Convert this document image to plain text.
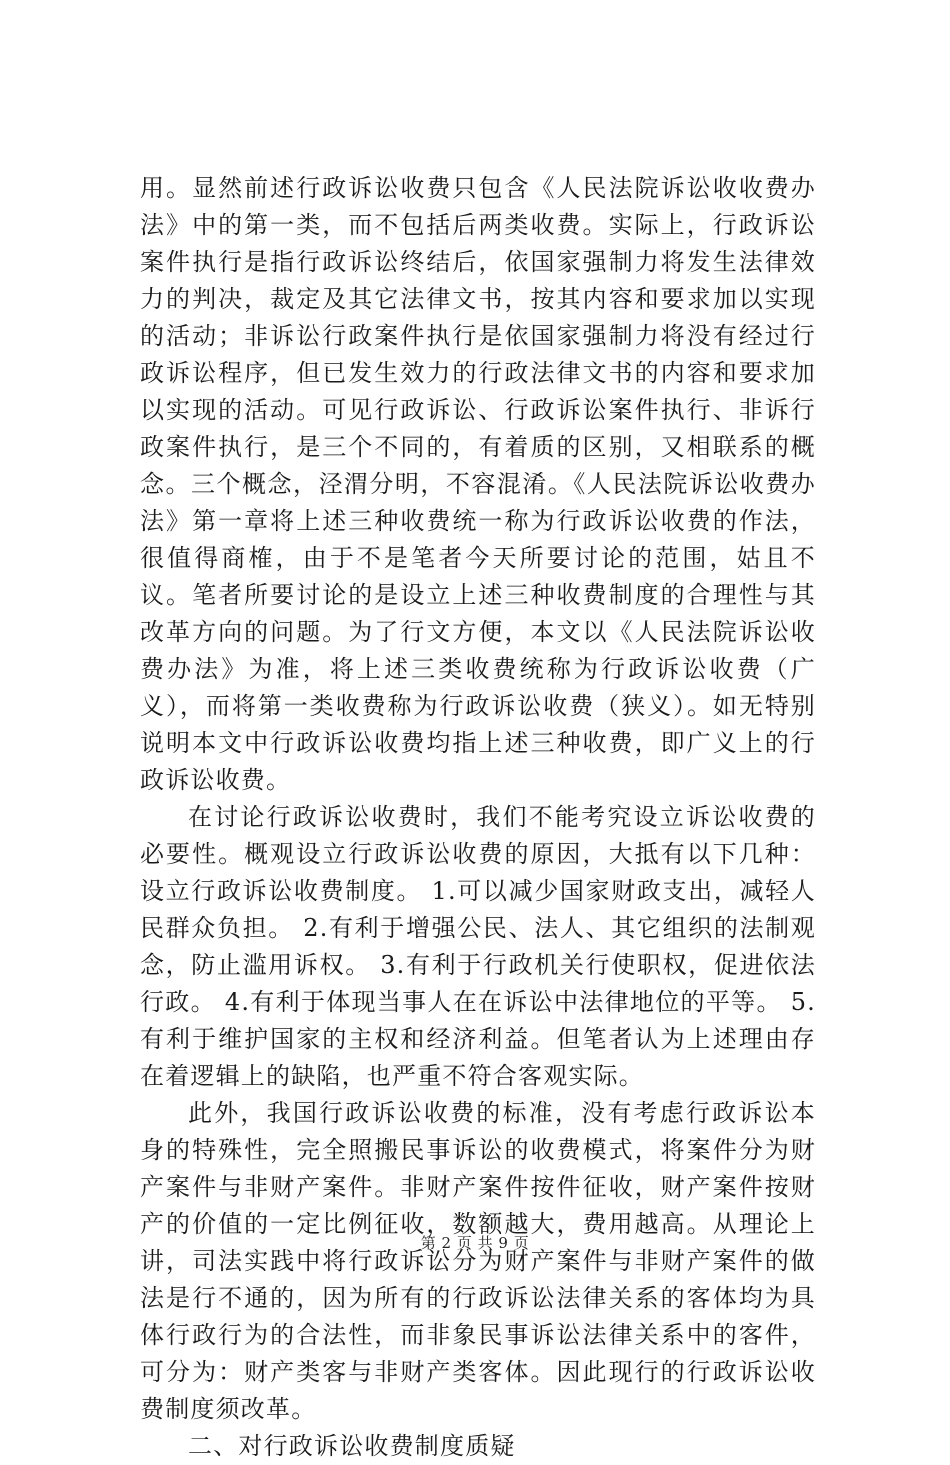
用。显然前述行政诉讼收费只包含《人民法院诉讼收收费办法》中的第一类，而不包括后两类收费。实际上，行政诉讼案件执行是指行政诉讼终结后，依国家强制力将发生法律效力的判决，裁定及其它法律文书，按其内容和要求加以实现的活动；非诉讼行政案件执行是依国家强制力将没有经过行政诉讼程序，但已发生效力的行政法律文书的内容和要求加以实现的活动。可见行政诉讼、行政诉讼案件执行、非诉行政案件执行，是三个不同的，有着质的区别，又相联系的概念。三个概念，泾渭分明，不容混淆。《人民法院诉讼收费办法》第一章将上述三种收费统一称为行政诉讼收费的作法，很值得商榷，由于不是笔者今天所要讨论的范围，姑且不议。笔者所要讨论的是设立上述三种收费制度的合理性与其改革方向的问题。为了行文方便，本文以《人民法院诉讼收费办法》为准，将上述三类收费统称为行政诉讼收费（广义），而将第一类收费称为行政诉讼收费（狭义）。如无特别说明本文中行政诉讼收费均指上述三种收费，即广义上的行政诉讼收费。

在讨论行政诉讼收费时，我们不能考究设立诉讼收费的必要性。概观设立行政诉讼收费的原因，大抵有以下几种：设立行政诉讼收费制度。 1.可以减少国家财政支出，减轻人民群众负担。 2.有利于增强公民、法人、其它组织的法制观念，防止滥用诉权。 3.有利于行政机关行使职权，促进依法行政。 4.有利于体现当事人在在诉讼中法律地位的平等。 5.有利于维护国家的主权和经济利益。但笔者认为上述理由存在着逻辑上的缺陷，也严重不符合客观实际。

此外，我国行政诉讼收费的标准，没有考虑行政诉讼本身的特殊性，完全照搬民事诉讼的收费模式，将案件分为财产案件与非财产案件。非财产案件按件征收，财产案件按财产的价值的一定比例征收，数额越大，费用越高。从理论上讲，司法实践中将行政诉讼分为财产案件与非财产案件的做法是行不通的，因为所有的行政诉讼法律关系的客体均为具体行政行为的合法性，而非象民事诉讼法律关系中的客件，可分为：财产类客与非财产类客体。因此现行的行政诉讼收费制度须改革。

二、对行政诉讼收费制度质疑

第 2 页 共 9 页
